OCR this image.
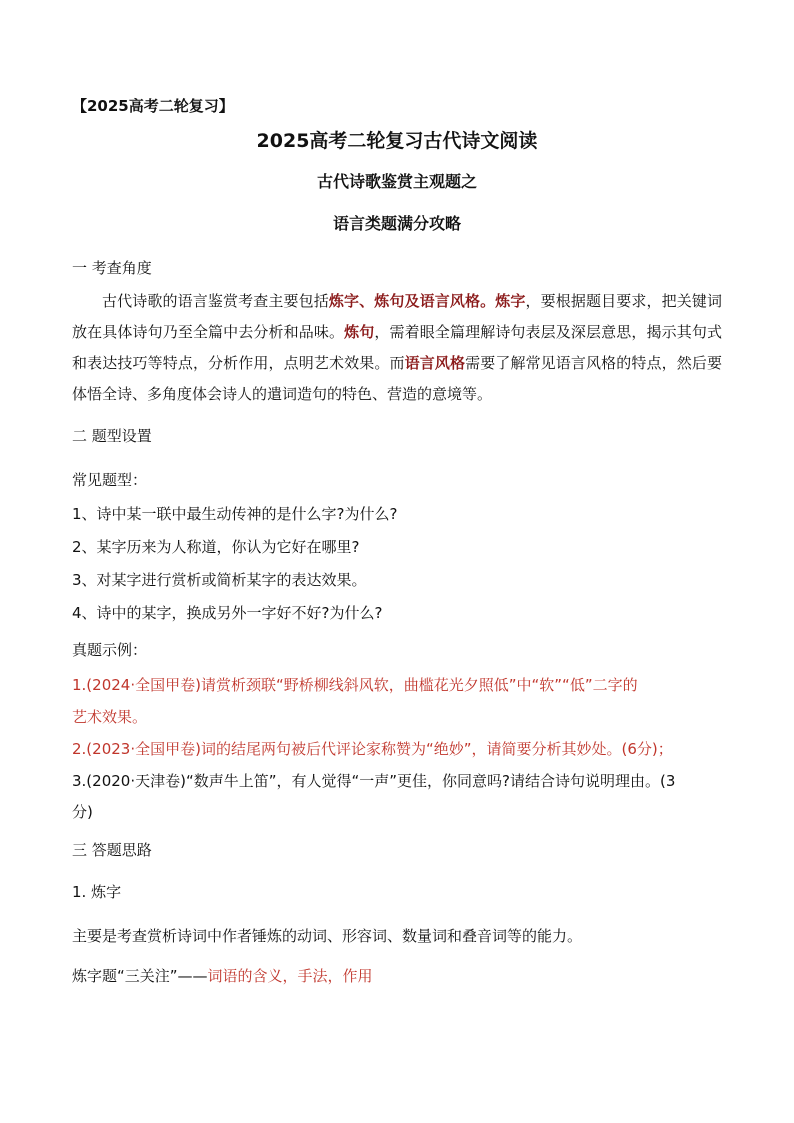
【2025高考二轮复习】
2025高考二轮复习古代诗文阅读
古代诗歌鉴赏主观题之
语言类题满分攻略
一 考查角度
古代诗歌的语言鉴赏考查主要包括炼字、炼句及语言风格。炼字，要根据题目要求，把关键词放在具体诗句乃至全篇中去分析和品味。炼句，需着眼全篇理解诗句表层及深层意思，揭示其句式和表达技巧等特点，分析作用，点明艺术效果。而语言风格需要了解常见语言风格的特点，然后要体悟全诗、多角度体会诗人的遣词造句的特色、营造的意境等。
二 题型设置
常见题型：
1、诗中某一联中最生动传神的是什么字?为什么?
2、某字历来为人称道，你认为它好在哪里?
3、对某字进行赏析或简析某字的表达效果。
4、诗中的某字，换成另外一字好不好?为什么?
真题示例：
1.(2024·全国甲卷)请赏析颈联“野桥柳线斜风软，曲槛花光夕照低”中“软”“低”二字的
艺术效果。
2.(2023·全国甲卷)词的结尾两句被后代评论家称赞为“绝妙”，请简要分析其妙处。(6分)；
3.(2020·天津卷)“数声牛上笛”，有人觉得“一声”更佳，你同意吗?请结合诗句说明理由。(3
分)
三 答题思路
1. 炼字
主要是考查赏析诗词中作者锤炼的动词、形容词、数量词和叠音词等的能力。
炼字题“三关注”——词语的含义，手法，作用
